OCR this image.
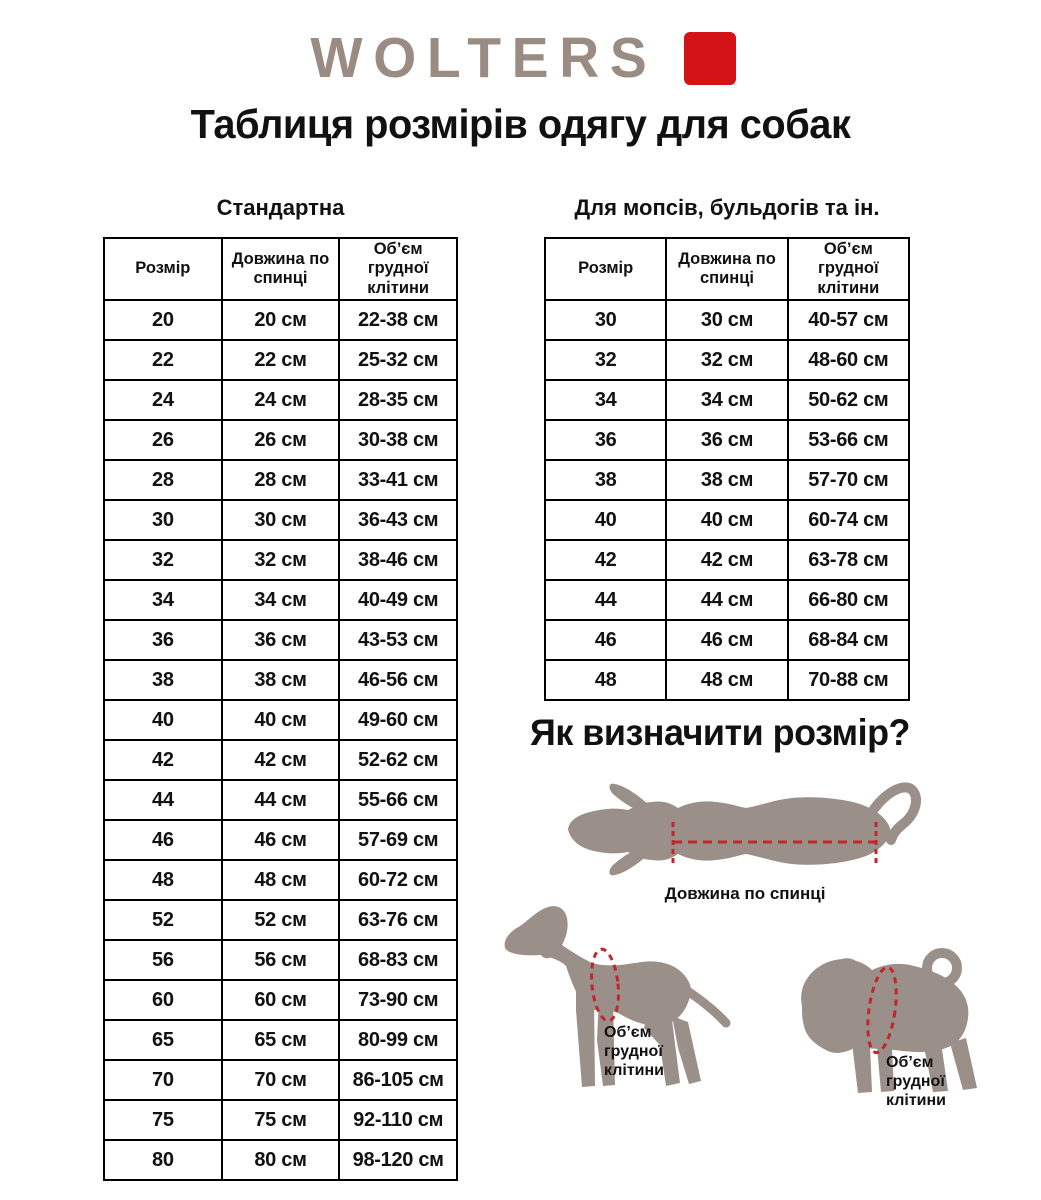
WOLTERS
Таблиця розмірів одягу для собак
Стандартна	Для мопсів, бульдогів та ін.
Розмір	Довжина по спинці	Об’єм грудної клітини
20	20 см	22-38 см
22	22 см	25-32 см
24	24 см	28-35 см
26	26 см	30-38 см
28	28 см	33-41 см
30	30 см	36-43 см
32	32 см	38-46 см
34	34 см	40-49 см
36	36 см	43-53 см
38	38 см	46-56 см
40	40 см	49-60 см
42	42 см	52-62 см
44	44 см	55-66 см
46	46 см	57-69 см
48	48 см	60-72 см
52	52 см	63-76 см
56	56 см	68-83 см
60	60 см	73-90 см
65	65 см	80-99 см
70	70 см	86-105 см
75	75 см	92-110 см
80	80 см	98-120 см
Розмір	Довжина по спинці	Об’єм грудної клітини
30	30 см	40-57 см
32	32 см	48-60 см
34	34 см	50-62 см
36	36 см	53-66 см
38	38 см	57-70 см
40	40 см	60-74 см
42	42 см	63-78 см
44	44 см	66-80 см
46	46 см	68-84 см
48	48 см	70-88 см
Як визначити розмір?
Довжина по спинці
Об’єм грудної клітини	Об’єм грудної клітини
